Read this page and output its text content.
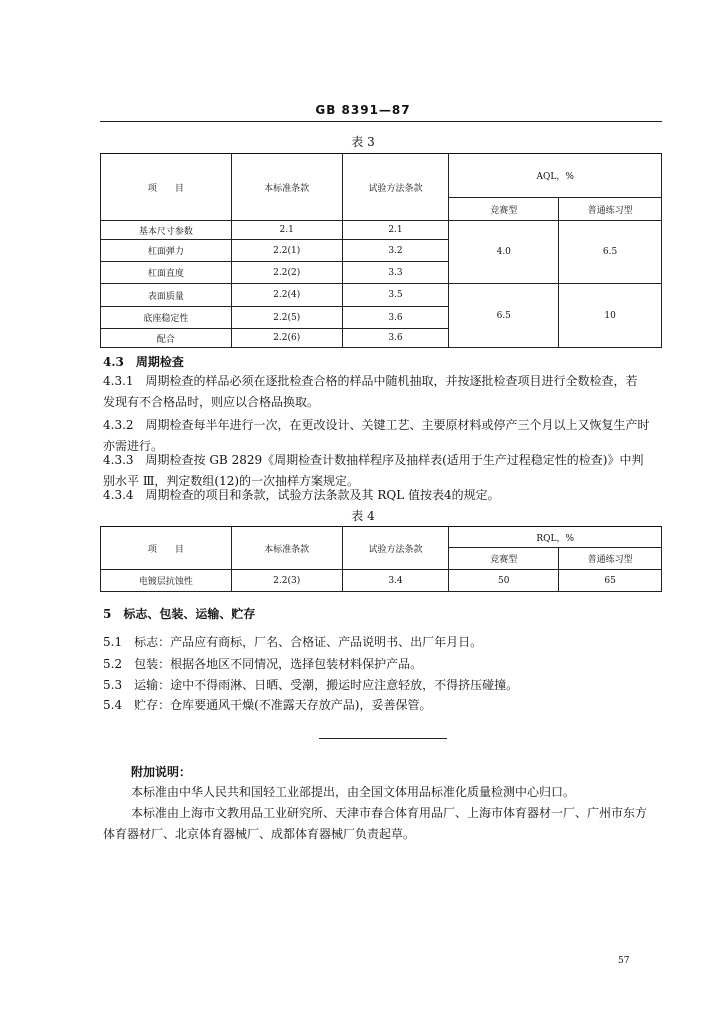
GB 8391—87
表 3
项　　目	本标准条款	试验方法条款	AQL，%	
			竞赛型	普通练习型
基本尺寸参数	2.1	2.1	4.0	6.5
杠面弹力	2.2(1)	3.2		
杠面直度	2.2(2)	3.3		
表面质量	2.2(4)	3.5	6.5	10
底座稳定性	2.2(5)	3.6		
配合	2.2(6)	3.6		
4.3　周期检查
4.3.1　周期检查的样品必须在逐批检查合格的样品中随机抽取，并按逐批检查项目进行全数检查，若
发现有不合格品时，则应以合格品换取。
4.3.2　周期检查每半年进行一次，在更改设计、关键工艺、主要原材料或停产三个月以上又恢复生产时
亦需进行。
4.3.3　周期检查按 GB 2829《周期检查计数抽样程序及抽样表(适用于生产过程稳定性的检查)》中判
别水平 Ⅲ，判定数组(12)的一次抽样方案规定。
4.3.4　周期检查的项目和条款，试验方法条款及其 RQL 值按表4的规定。
表 4
项　　目	本标准条款	试验方法条款	RQL，%	
			竞赛型	普通练习型
电镀层抗蚀性	2.2(3)	3.4	50	65
5　标志、包装、运输、贮存
5.1　标志：产品应有商标，厂名、合格证、产品说明书、出厂年月日。
5.2　包装：根据各地区不同情况，选择包装材料保护产品。
5.3　运输：途中不得雨淋、日晒、受潮，搬运时应注意轻放，不得挤压碰撞。
5.4　贮存：仓库要通风干燥(不准露天存放产品)，妥善保管。
附加说明：
本标准由中华人民共和国轻工业部提出，由全国文体用品标准化质量检测中心归口。
本标准由上海市文教用品工业研究所、天津市春合体育用品厂、上海市体育器材一厂、广州市东方
体育器材厂、北京体育器械厂、成都体育器械厂负责起草。
57
